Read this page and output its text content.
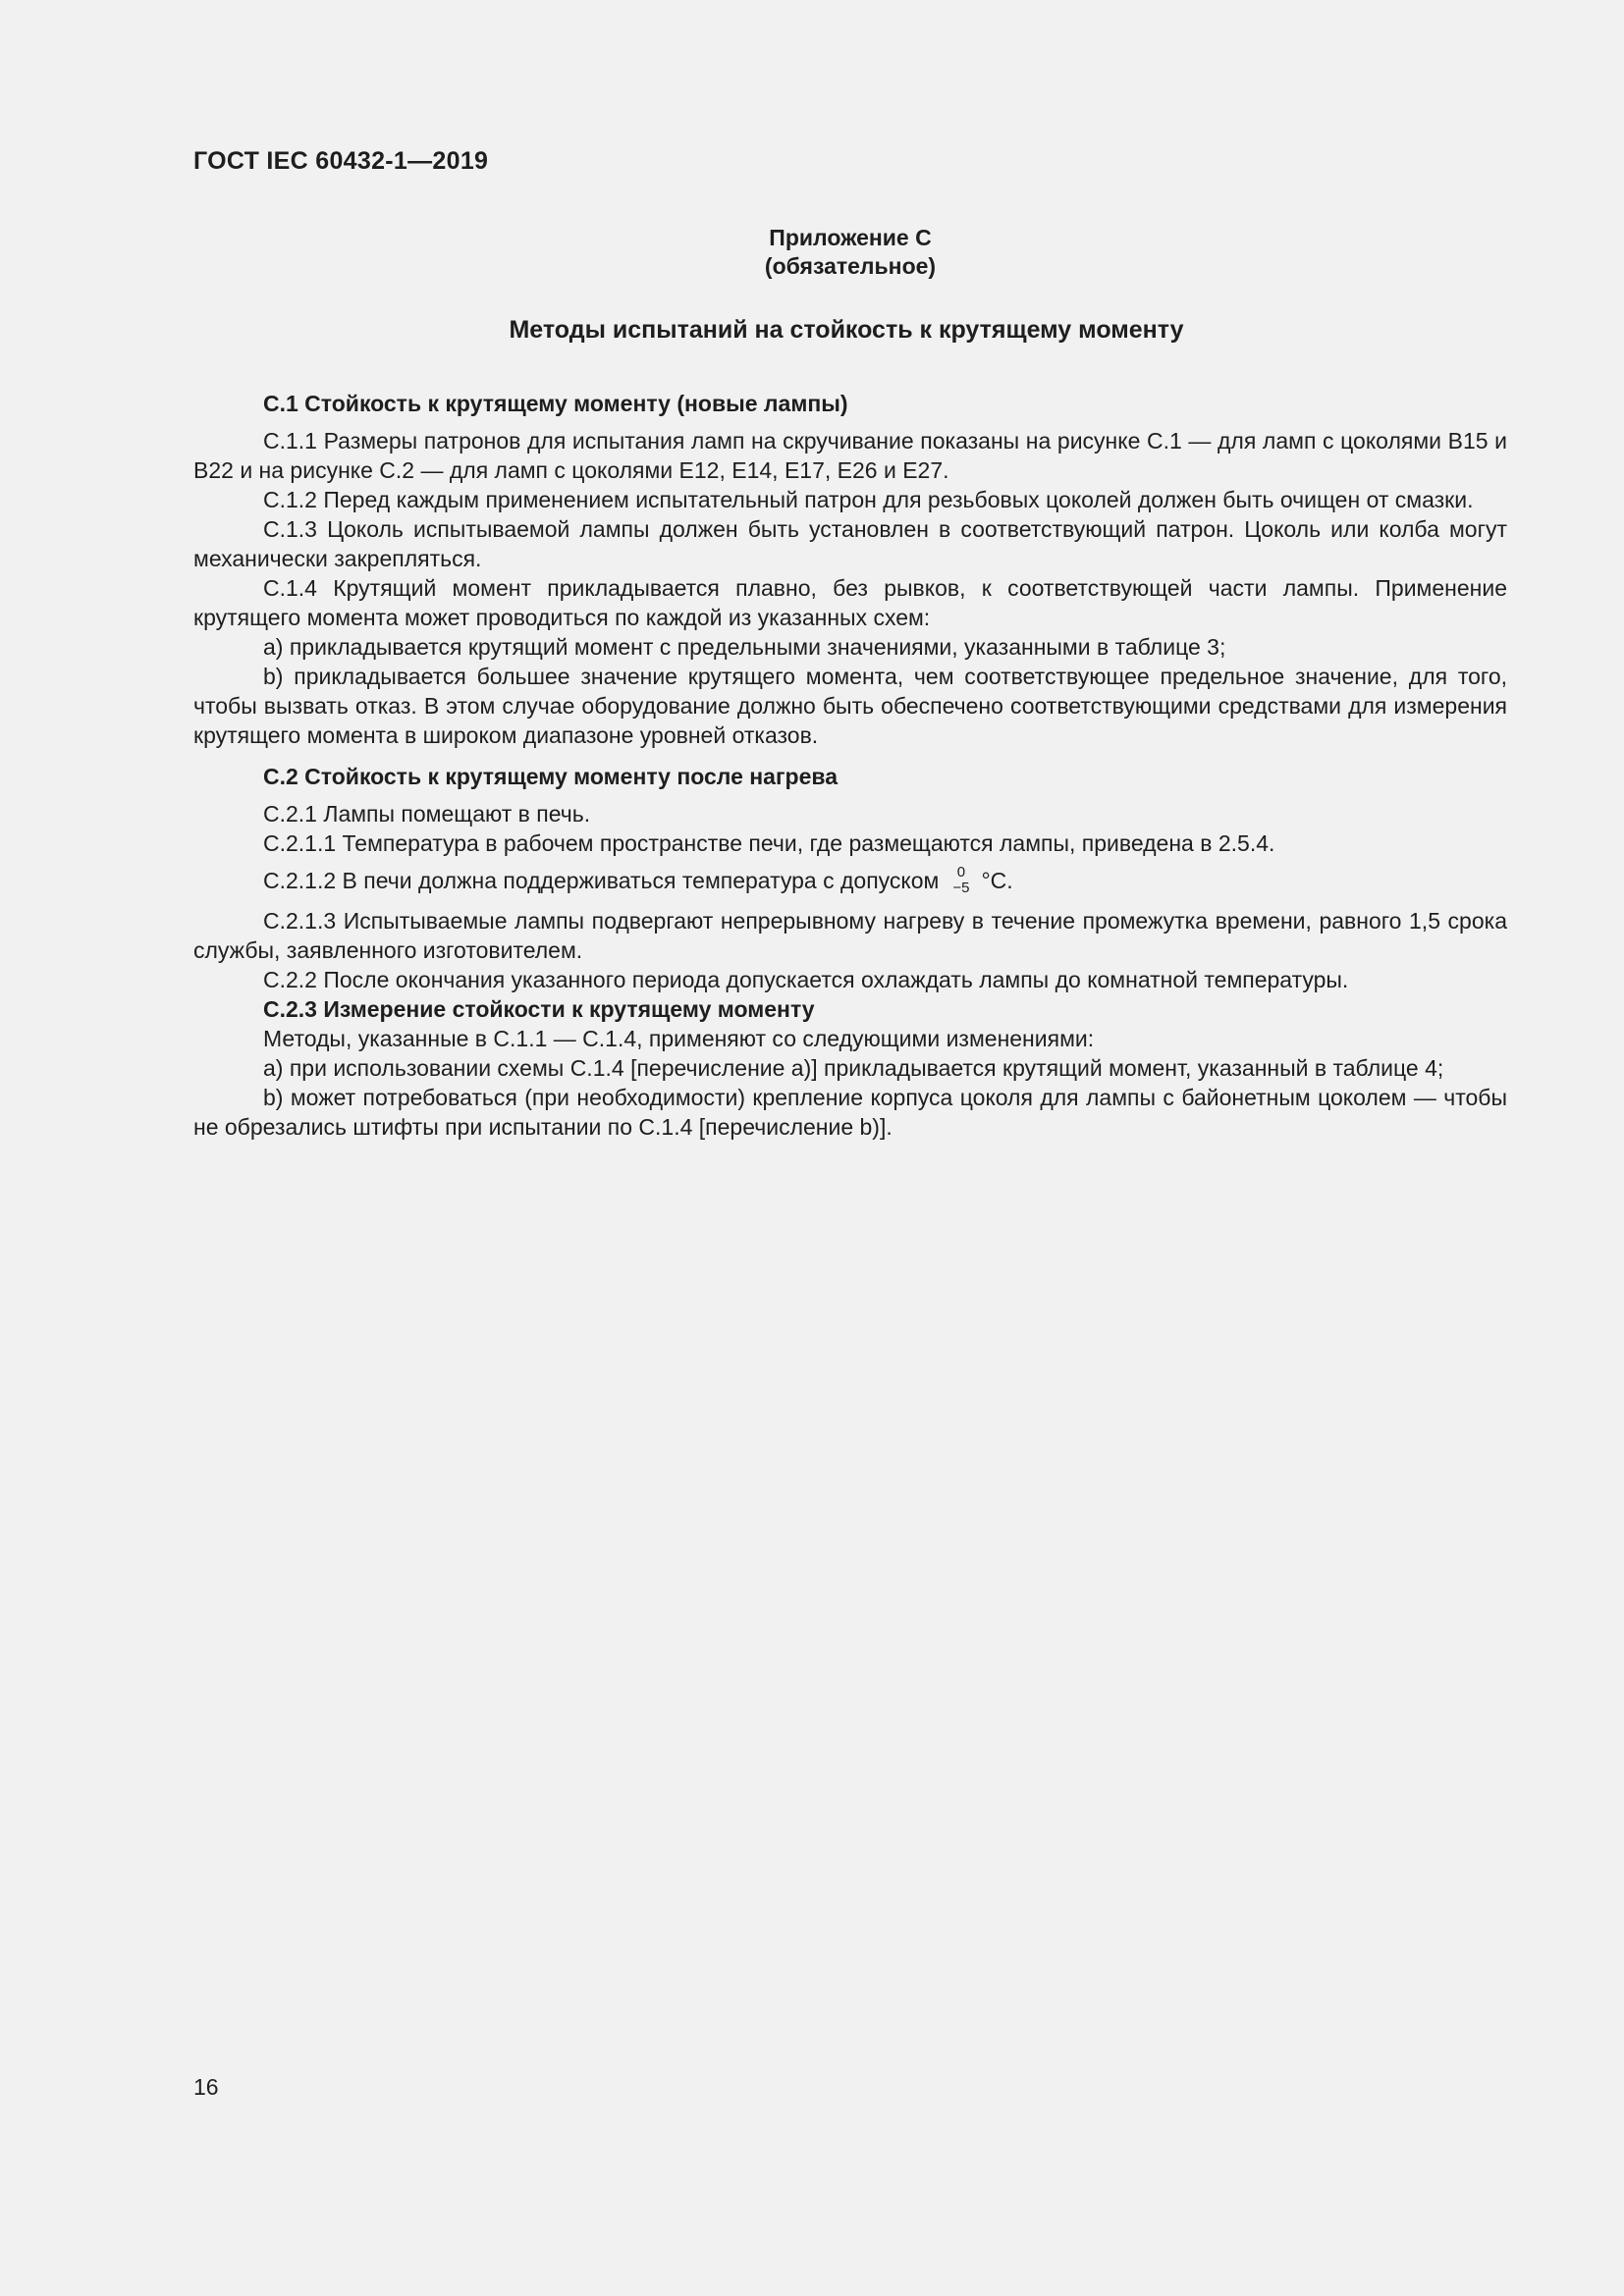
ГОСТ IEC 60432-1—2019
Приложение С
(обязательное)
Методы испытаний на стойкость к крутящему моменту

С.1 Стойкость к крутящему моменту (новые лампы)

С.1.1 Размеры патронов для испытания ламп на скручивание показаны на рисунке С.1 — для ламп с цоколями В15 и В22 и на рисунке С.2 — для ламп с цоколями Е12, Е14, Е17, Е26 и Е27.

С.1.2 Перед каждым применением испытательный патрон для резьбовых цоколей должен быть очищен от смазки.

С.1.3 Цоколь испытываемой лампы должен быть установлен в соответствующий патрон. Цоколь или колба могут механически закрепляться.

С.1.4 Крутящий момент прикладывается плавно, без рывков, к соответствующей части лампы. Применение крутящего момента может проводиться по каждой из указанных схем:

a) прикладывается крутящий момент с предельными значениями, указанными в таблице 3;

b) прикладывается большее значение крутящего момента, чем соответствующее предельное значение, для того, чтобы вызвать отказ. В этом случае оборудование должно быть обеспечено соответствующими средствами для измерения крутящего момента в широком диапазоне уровней отказов.

С.2 Стойкость к крутящему моменту после нагрева

С.2.1 Лампы помещают в печь.

С.2.1.1 Температура в рабочем пространстве печи, где размещаются лампы, приведена в 2.5.4.

С.2.1.2 В печи должна поддерживаться температура с допуском 0
−5 °С.

С.2.1.3 Испытываемые лампы подвергают непрерывному нагреву в течение промежутка времени, равного 1,5 срока службы, заявленного изготовителем.

С.2.2 После окончания указанного периода допускается охлаждать лампы до комнатной температуры.

С.2.3 Измерение стойкости к крутящему моменту

Методы, указанные в С.1.1 — С.1.4, применяют со следующими изменениями:

a) при использовании схемы С.1.4 [перечисление а)] прикладывается крутящий момент, указанный в таблице 4;

b) может потребоваться (при необходимости) крепление корпуса цоколя для лампы с байонетным цоколем — чтобы не обрезались штифты при испытании по С.1.4 [перечисление b)].

16
